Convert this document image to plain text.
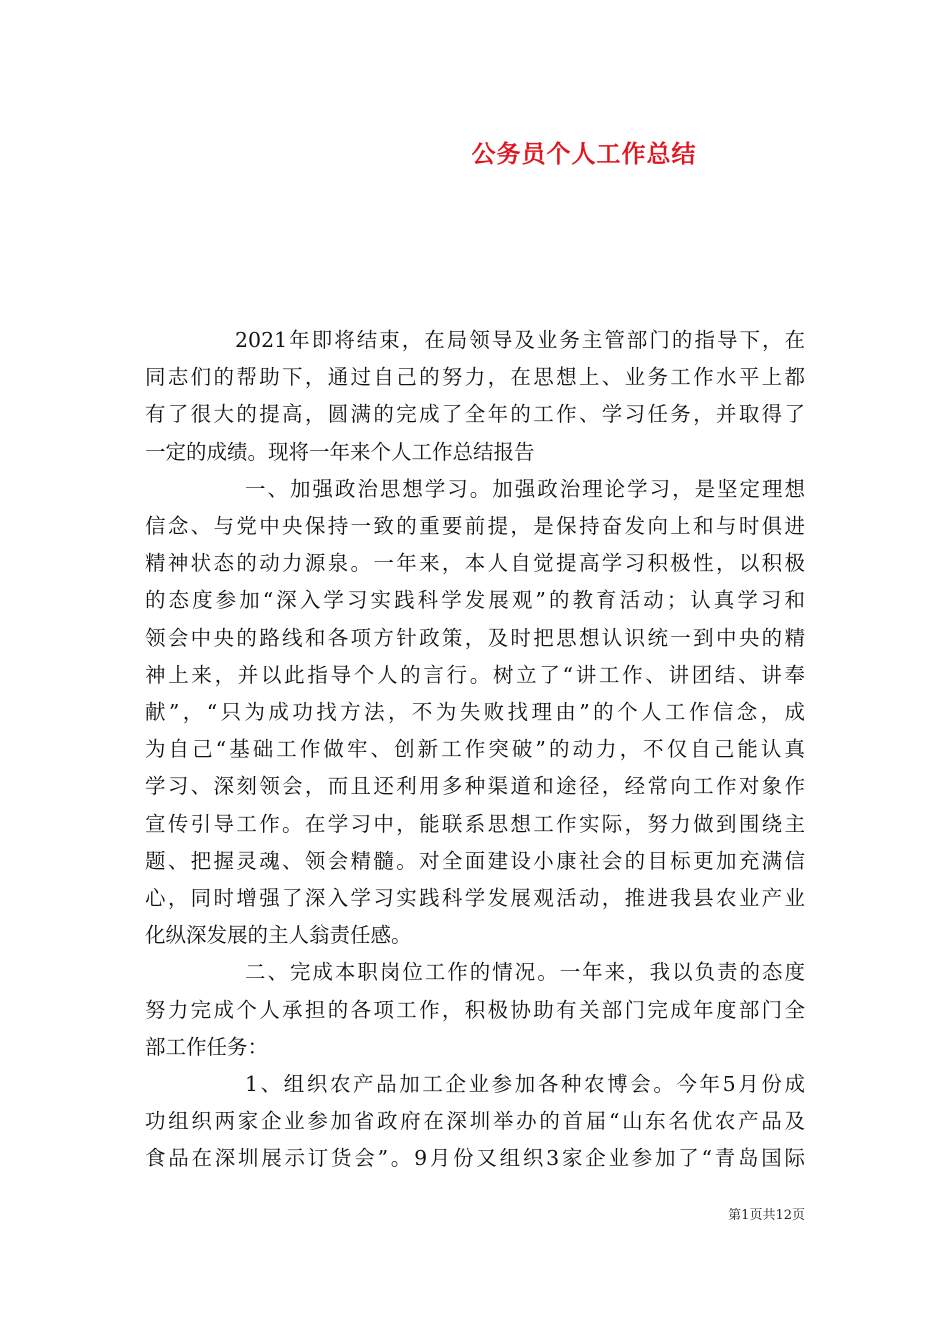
公务员个人工作总结
2021年即将结束，在局领导及业务主管部门的指导下，在
同志们的帮助下，通过自己的努力，在思想上、业务工作水平上都
有了很大的提高，圆满的完成了全年的工作、学习任务，并取得了
一定的成绩。现将一年来个人工作总结报告
一、加强政治思想学习。加强政治理论学习，是坚定理想
信念、与党中央保持一致的重要前提，是保持奋发向上和与时俱进
精神状态的动力源泉。一年来，本人自觉提高学习积极性，以积极
的态度参加“深入学习实践科学发展观”的教育活动；认真学习和
领会中央的路线和各项方针政策，及时把思想认识统一到中央的精
神上来，并以此指导个人的言行。树立了“讲工作、讲团结、讲奉
献”，“只为成功找方法，不为失败找理由”的个人工作信念，成
为自己“基础工作做牢、创新工作突破”的动力，不仅自己能认真
学习、深刻领会，而且还利用多种渠道和途径，经常向工作对象作
宣传引导工作。在学习中，能联系思想工作实际，努力做到围绕主
题、把握灵魂、领会精髓。对全面建设小康社会的目标更加充满信
心，同时增强了深入学习实践科学发展观活动，推进我县农业产业
化纵深发展的主人翁责任感。
二、完成本职岗位工作的情况。一年来，我以负责的态度
努力完成个人承担的各项工作，积极协助有关部门完成年度部门全
部工作任务：
1、组织农产品加工企业参加各种农博会。今年5月份成
功组织两家企业参加省政府在深圳举办的首届“山东名优农产品及
食品在深圳展示订货会”。9月份又组织3家企业参加了“青岛国际
第1页共12页
